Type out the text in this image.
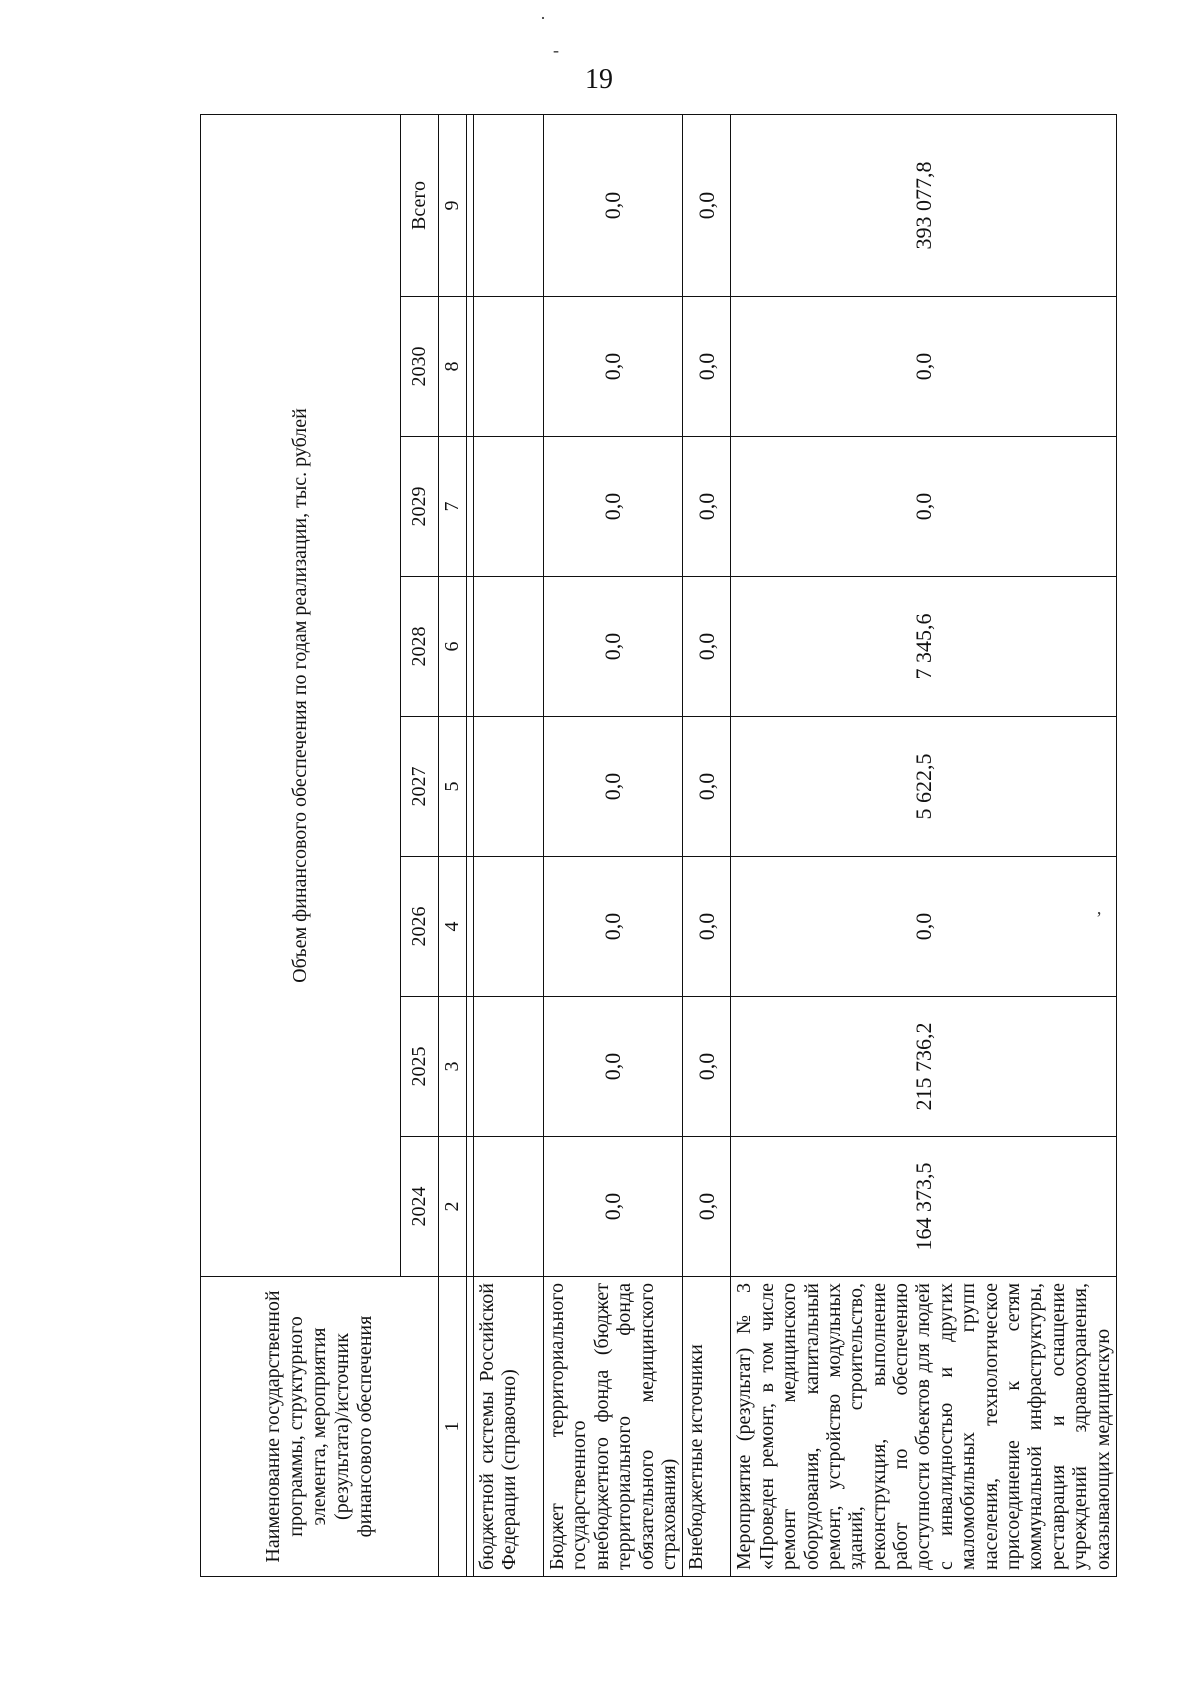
19
·
-
ʼ
Наименование государственной программы, структурного элемента, мероприятия (результата)/источник финансового обеспечения	Объем финансового обеспечения по годам реализации, тыс. рублей							
	2024	2025	2026	2027	2028	2029	2030	Всего
1	2	3	4	5	6	7	8	9

бюджетной системы Российской Федерации (справочно)								
Бюджет территориального государственного внебюджетного фонда (бюджет территориального фонда обязательного медицинского страхования)	0,0	0,0	0,0	0,0	0,0	0,0	0,0	0,0
Внебюджетные источники	0,0	0,0	0,0	0,0	0,0	0,0	0,0	0,0
Мероприятие (результат) № 3 «Проведен ремонт, в том числе ремонт медицинского оборудования, капитальный ремонт, устройство модульных зданий, строительство, реконструкция, выполнение работ по обеспечению доступности объектов для людей с инвалидностью и других маломобильных групп населения, технологическое присоединение к сетям коммунальной инфраструктуры, реставрация и оснащение учреждений здравоохранения, оказывающих медицинскую	164 373,5	215 736,2	0,0	5 622,5	7 345,6	0,0	0,0	393 077,8
